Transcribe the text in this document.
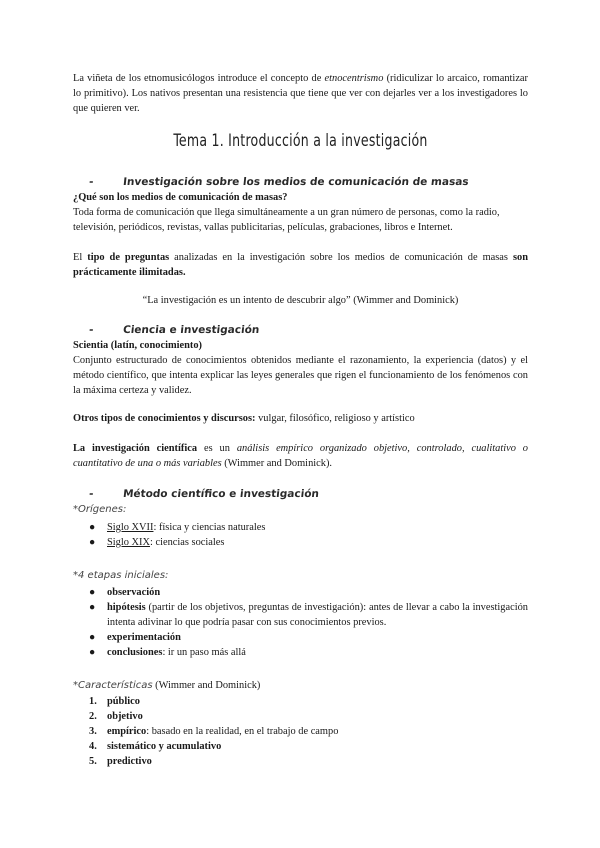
La viñeta de los etnomusicólogos introduce el concepto de etnocentrismo (ridiculizar lo arcaico, romantizar lo primitivo). Los nativos presentan una resistencia que tiene que ver con dejarles ver a los investigadores lo que quieren ver.

Tema 1. Introducción a la investigación
-	Investigación sobre los medios de comunicación de masas

¿Qué son los medios de comunicación de masas?

Toda forma de comunicación que llega simultáneamente a un gran número de personas, como la radio, televisión, periódicos, revistas, vallas publicitarias, películas, grabaciones, libros e Internet.

El tipo de preguntas analizadas en la investigación sobre los medios de comunicación de masas son prácticamente ilimitadas.

“La investigación es un intento de descubrir algo” (Wimmer and Dominick)

-	Ciencia e investigación

Scientia (latín, conocimiento)

Conjunto estructurado de conocimientos obtenidos mediante el razonamiento, la experiencia (datos) y el método científico, que intenta explicar las leyes generales que rigen el funcionamiento de los fenómenos con la máxima certeza y validez.

Otros tipos de conocimientos y discursos: vulgar, filosófico, religioso y artístico

La investigación científica es un análisis empírico organizado objetivo, controlado, cualitativo o cuantitativo de una o más variables (Wimmer and Dominick).

-	Método científico e investigación
*Orígenes:
● Siglo XVII: física y ciencias naturales
● Siglo XIX: ciencias sociales
*4 etapas iniciales:
● observación
● hipótesis (partir de los objetivos, preguntas de investigación): antes de llevar a cabo la investigación intenta adivinar lo que podría pasar con sus conocimientos previos.
● experimentación
● conclusiones: ir un paso más allá

*Características (Wimmer and Dominick)

1. público
2. objetivo
3. empírico: basado en la realidad, en el trabajo de campo
4. sistemático y acumulativo
5. predictivo
